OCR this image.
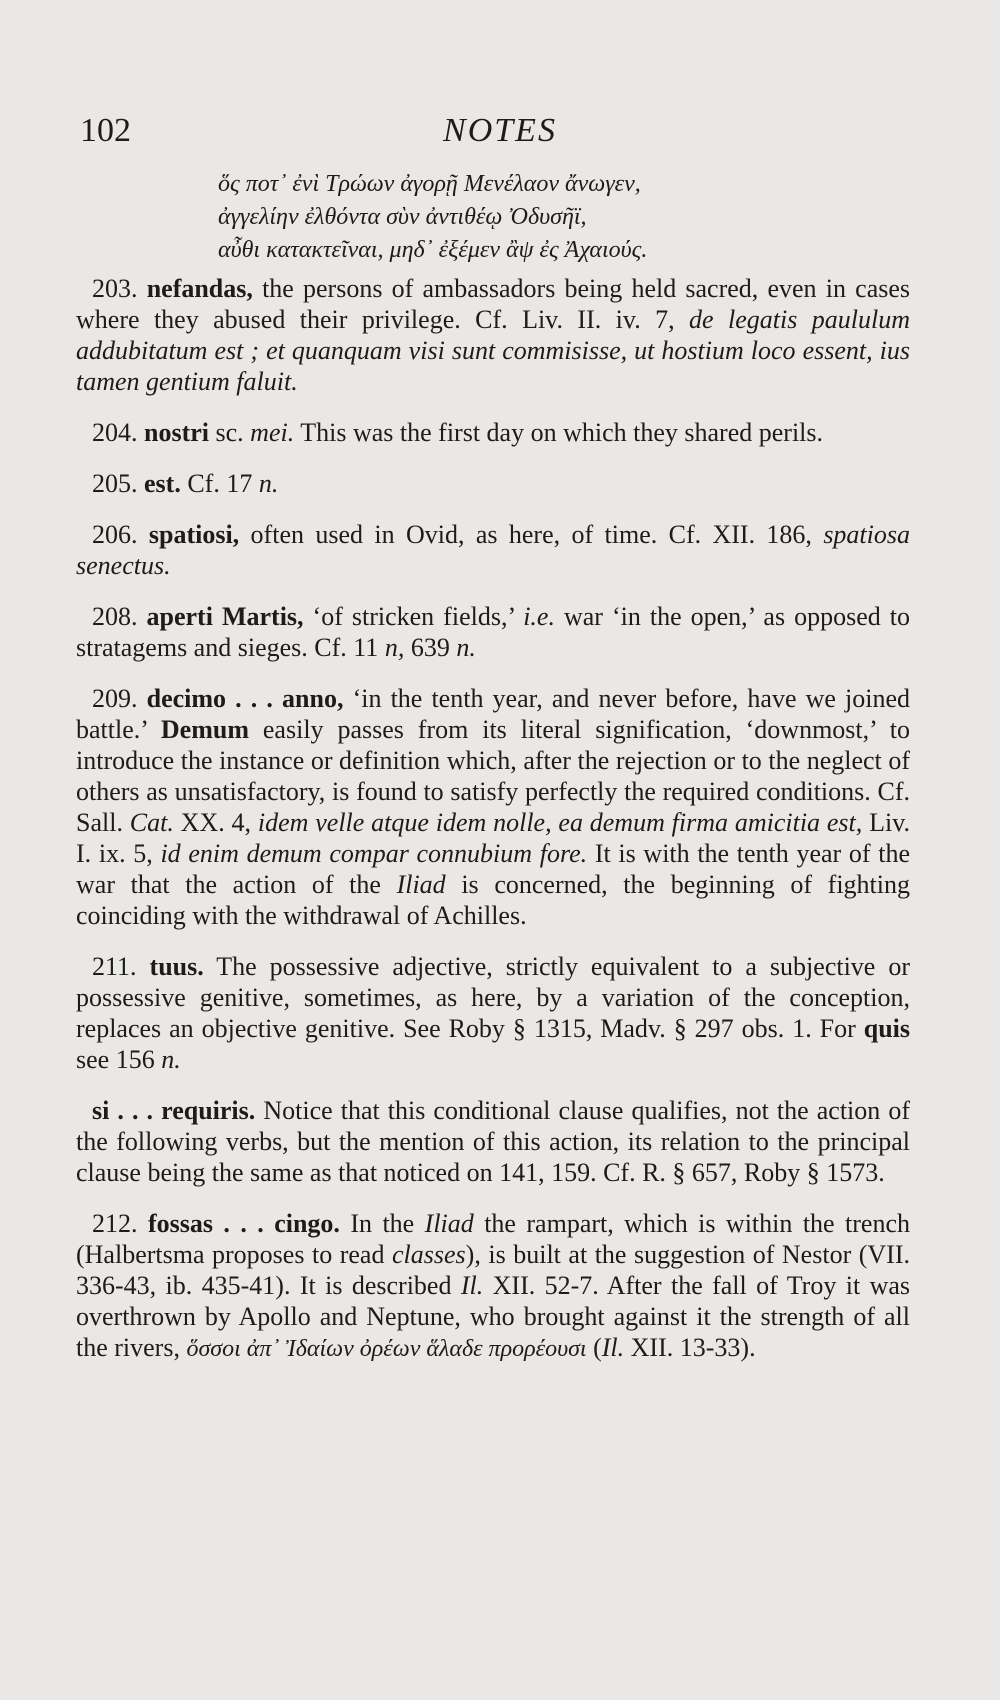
102	NOTES
ὅς ποτ᾽ ἐνὶ Τρώων ἀγορῇ Μενέλαον ἄνωγεν,
ἀγγελίην ἐλθόντα σὺν ἀντιθέῳ Ὀδυσῆϊ,
αὖθι κατακτεῖναι, μηδ᾽ ἐξέμεν ἂψ ἐς Ἀχαιούς.

203. nefandas, the persons of ambassadors being held sacred, even in cases where they abused their privilege. Cf. Liv. II. iv. 7, de legatis paululum addubitatum est ; et quanquam visi sunt commisisse, ut hostium loco essent, ius tamen gentium faluit.

204. nostri sc. mei. This was the first day on which they shared perils.

205. est. Cf. 17 n.

206. spatiosi, often used in Ovid, as here, of time. Cf. XII. 186, spatiosa senectus.

208. aperti Martis, ‘of stricken fields,’ i.e. war ‘in the open,’ as opposed to stratagems and sieges. Cf. 11 n, 639 n.

209. decimo . . . anno, ‘in the tenth year, and never before, have we joined battle.’ Demum easily passes from its literal signification, ‘downmost,’ to introduce the instance or definition which, after the rejection or to the neglect of others as unsatisfactory, is found to satisfy perfectly the required conditions. Cf. Sall. Cat. XX. 4, idem velle atque idem nolle, ea demum firma amicitia est, Liv. I. ix. 5, id enim demum compar connubium fore. It is with the tenth year of the war that the action of the Iliad is concerned, the beginning of fighting coinciding with the withdrawal of Achilles.

211. tuus. The possessive adjective, strictly equivalent to a subjective or possessive genitive, sometimes, as here, by a variation of the conception, replaces an objective genitive. See Roby § 1315, Madv. § 297 obs. 1. For quis see 156 n.

si . . . requiris. Notice that this conditional clause qualifies, not the action of the following verbs, but the mention of this action, its relation to the principal clause being the same as that noticed on 141, 159. Cf. R. § 657, Roby § 1573.

212. fossas . . . cingo. In the Iliad the rampart, which is within the trench (Halbertsma proposes to read classes), is built at the suggestion of Nestor (VII. 336-43, ib. 435-41). It is described Il. XII. 52-7. After the fall of Troy it was overthrown by Apollo and Neptune, who brought against it the strength of all the rivers, ὅσσοι ἀπ᾽ Ἰδαίων ὀρέων ἅλαδε προρέουσι (Il. XII. 13-33).
